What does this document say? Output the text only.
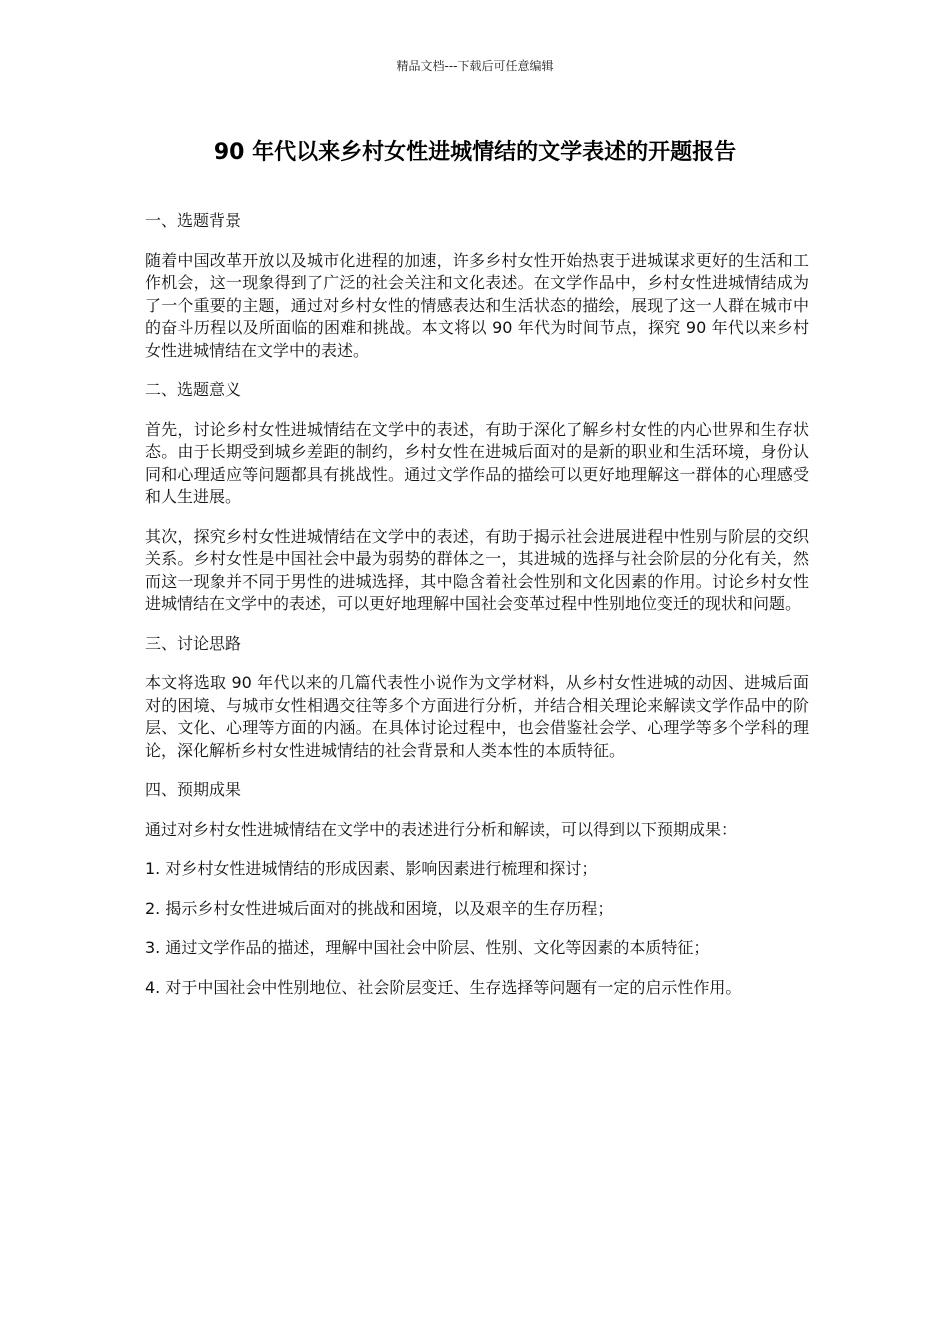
精品文档---下载后可任意编辑
90 年代以来乡村女性进城情结的文学表述的开题报告

一、选题背景

随着中国改革开放以及城市化进程的加速，许多乡村女性开始热衷于进城谋求更好的生活和工作机会，这一现象得到了广泛的社会关注和文化表述。在文学作品中，乡村女性进城情结成为了一个重要的主题，通过对乡村女性的情感表达和生活状态的描绘，展现了这一人群在城市中的奋斗历程以及所面临的困难和挑战。本文将以 90 年代为时间节点，探究 90 年代以来乡村女性进城情结在文学中的表述。

二、选题意义

首先，讨论乡村女性进城情结在文学中的表述，有助于深化了解乡村女性的内心世界和生存状态。由于长期受到城乡差距的制约，乡村女性在进城后面对的是新的职业和生活环境，身份认同和心理适应等问题都具有挑战性。通过文学作品的描绘可以更好地理解这一群体的心理感受和人生进展。

其次，探究乡村女性进城情结在文学中的表述，有助于揭示社会进展进程中性别与阶层的交织关系。乡村女性是中国社会中最为弱势的群体之一，其进城的选择与社会阶层的分化有关，然而这一现象并不同于男性的进城选择，其中隐含着社会性别和文化因素的作用。讨论乡村女性进城情结在文学中的表述，可以更好地理解中国社会变革过程中性别地位变迁的现状和问题。

三、讨论思路

本文将选取 90 年代以来的几篇代表性小说作为文学材料，从乡村女性进城的动因、进城后面对的困境、与城市女性相遇交往等多个方面进行分析，并结合相关理论来解读文学作品中的阶层、文化、心理等方面的内涵。在具体讨论过程中，也会借鉴社会学、心理学等多个学科的理论，深化解析乡村女性进城情结的社会背景和人类本性的本质特征。

四、预期成果

通过对乡村女性进城情结在文学中的表述进行分析和解读，可以得到以下预期成果：

1. 对乡村女性进城情结的形成因素、影响因素进行梳理和探讨；

2. 揭示乡村女性进城后面对的挑战和困境，以及艰辛的生存历程；

3. 通过文学作品的描述，理解中国社会中阶层、性别、文化等因素的本质特征；

4. 对于中国社会中性别地位、社会阶层变迁、生存选择等问题有一定的启示性作用。
